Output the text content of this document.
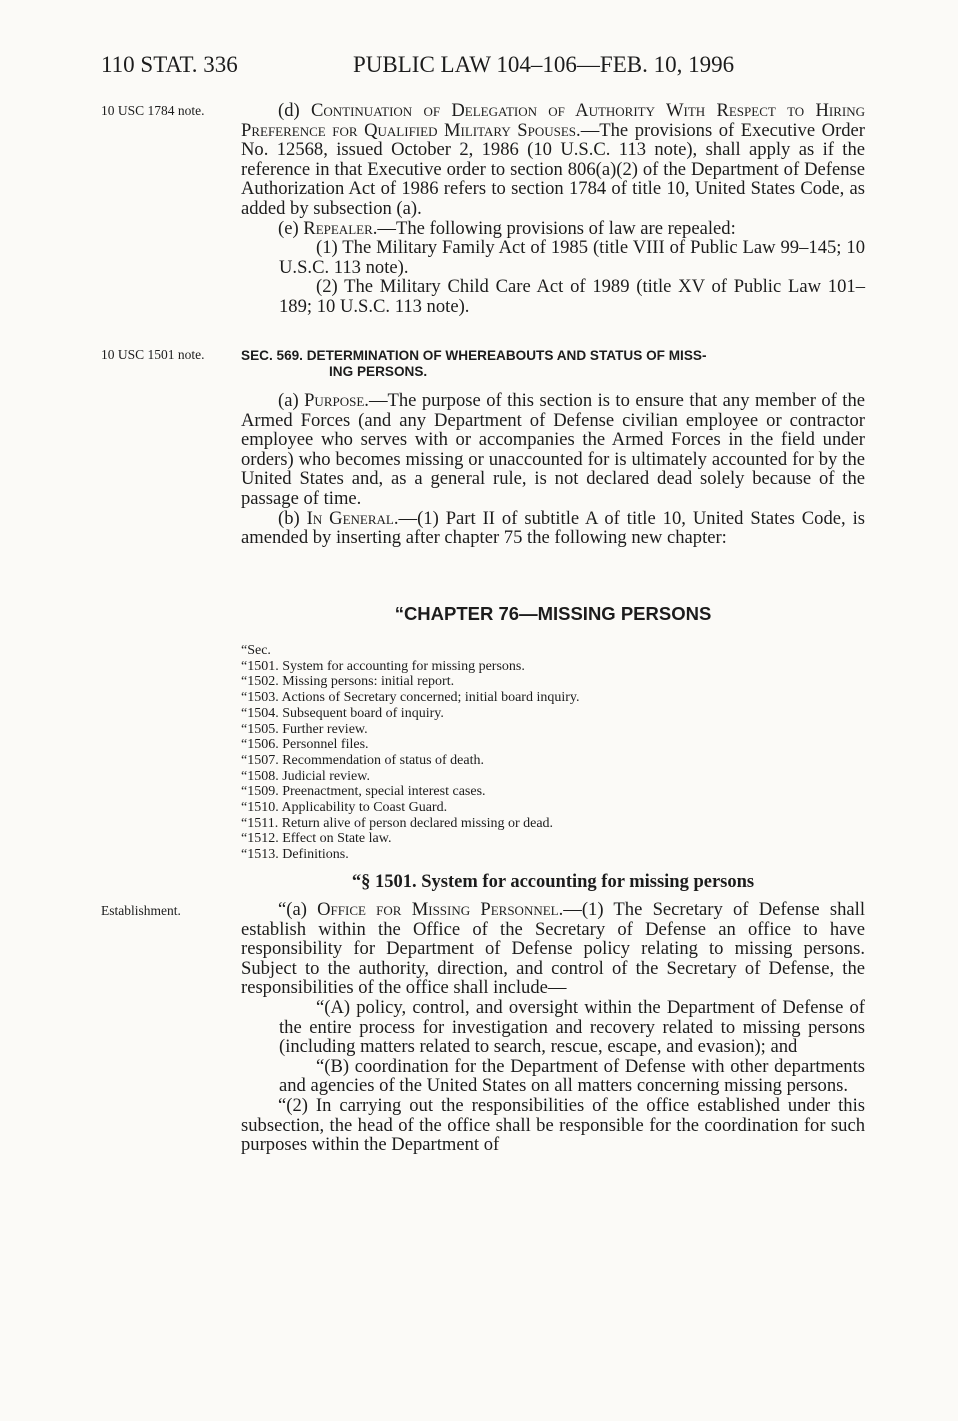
110 STAT. 336	PUBLIC LAW 104–106—FEB. 10, 1996
10 USC 1784 note.
10 USC 1501 note.
Establishment.

(d) Continuation of Delegation of Authority With Respect to Hiring Preference for Qualified Military Spouses.—The provisions of Executive Order No. 12568, issued October 2, 1986 (10 U.S.C. 113 note), shall apply as if the reference in that Executive order to section 806(a)(2) of the Department of Defense Authorization Act of 1986 refers to section 1784 of title 10, United States Code, as added by subsection (a).

(e) Repealer.—The following provisions of law are repealed:

(1) The Military Family Act of 1985 (title VIII of Public Law 99–145; 10 U.S.C. 113 note).

(2) The Military Child Care Act of 1989 (title XV of Public Law 101–189; 10 U.S.C. 113 note).

SEC. 569. DETERMINATION OF WHEREABOUTS AND STATUS OF MISS-
ING PERSONS.

(a) Purpose.—The purpose of this section is to ensure that any member of the Armed Forces (and any Department of Defense civilian employee or contractor employee who serves with or accompanies the Armed Forces in the field under orders) who becomes missing or unaccounted for is ultimately accounted for by the United States and, as a general rule, is not declared dead solely because of the passage of time.

(b) In General.—(1) Part II of subtitle A of title 10, United States Code, is amended by inserting after chapter 75 the following new chapter:

“CHAPTER 76—MISSING PERSONS
“Sec.
“1501. System for accounting for missing persons.
“1502. Missing persons: initial report.
“1503. Actions of Secretary concerned; initial board inquiry.
“1504. Subsequent board of inquiry.
“1505. Further review.
“1506. Personnel files.
“1507. Recommendation of status of death.
“1508. Judicial review.
“1509. Preenactment, special interest cases.
“1510. Applicability to Coast Guard.
“1511. Return alive of person declared missing or dead.
“1512. Effect on State law.
“1513. Definitions.
“§ 1501. System for accounting for missing persons

“(a) Office for Missing Personnel.—(1) The Secretary of Defense shall establish within the Office of the Secretary of Defense an office to have responsibility for Department of Defense policy relating to missing persons. Subject to the authority, direction, and control of the Secretary of Defense, the responsibilities of the office shall include—

“(A) policy, control, and oversight within the Department of Defense of the entire process for investigation and recovery related to missing persons (including matters related to search, rescue, escape, and evasion); and

“(B) coordination for the Department of Defense with other departments and agencies of the United States on all matters concerning missing persons.

“(2) In carrying out the responsibilities of the office established under this subsection, the head of the office shall be responsible for the coordination for such purposes within the Department of
